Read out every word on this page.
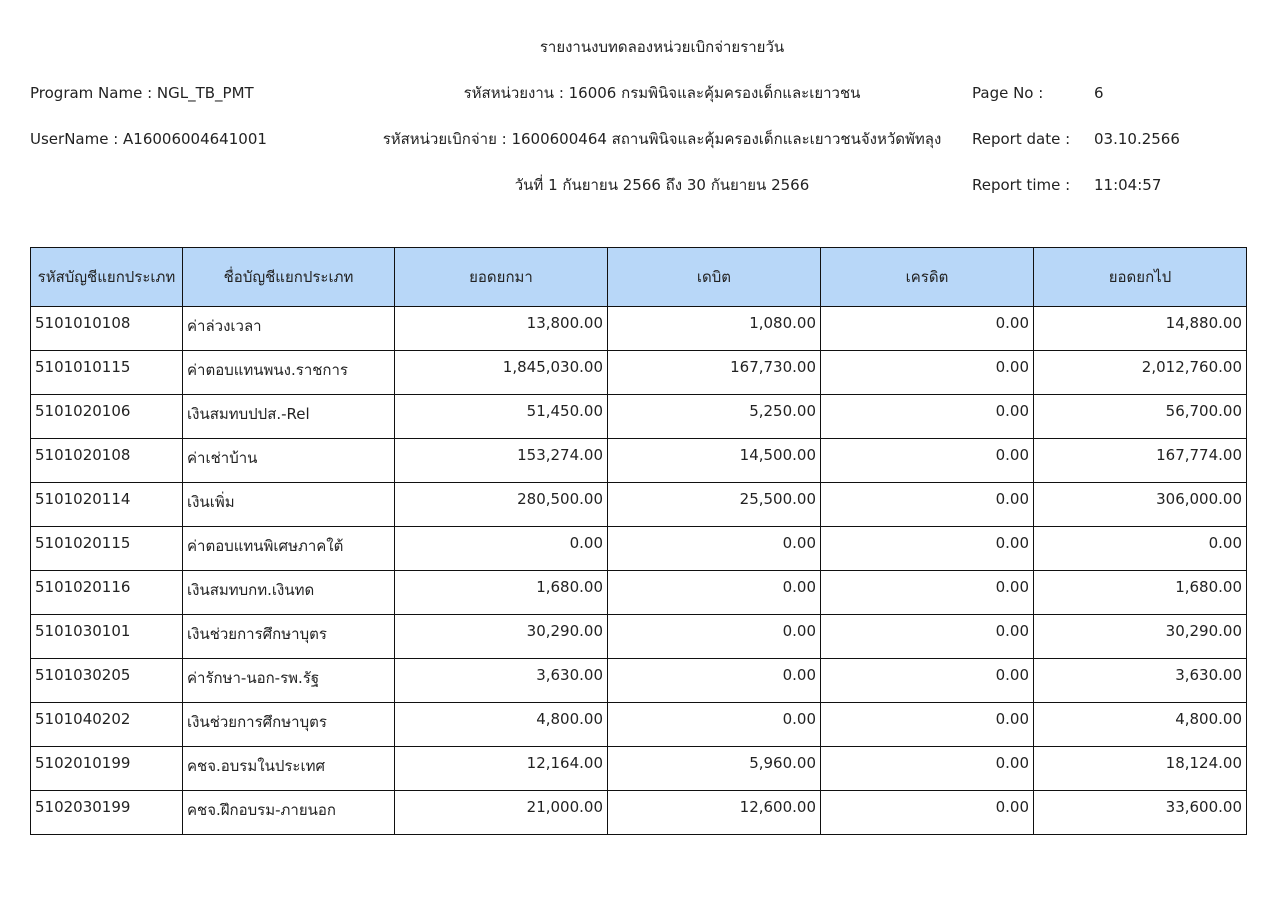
รายงานงบทดลองหน่วยเบิกจ่ายรายวัน
Program Name : NGL_TB_PMT	รหัสหน่วยงาน : 16006 กรมพินิจและคุ้มครองเด็กและเยาวชน	Page No :	6
UserName : A16006004641001	รหัสหน่วยเบิกจ่าย : 1600600464 สถานพินิจและคุ้มครองเด็กและเยาวชนจังหวัดพัทลุง Report date : 03.10.2566
วันที่ 1 กันยายน 2566 ถึง 30 กันยายน 2566	Report time : 11:04:57
รหัสบัญชีแยกประเภท	ชื่อบัญชีแยกประเภท	ยอดยกมา	เดบิต	เครดิต	ยอดยกไป
5101010108	ค่าล่วงเวลา	13,800.00	1,080.00	0.00	14,880.00
5101010115	ค่าตอบแทนพนง.ราชการ	1,845,030.00	167,730.00	0.00	2,012,760.00
5101020106	เงินสมทบปปส.-Rel	51,450.00	5,250.00	0.00	56,700.00
5101020108	ค่าเช่าบ้าน	153,274.00	14,500.00	0.00	167,774.00
5101020114	เงินเพิ่ม	280,500.00	25,500.00	0.00	306,000.00
5101020115	ค่าตอบแทนพิเศษภาคใต้	0.00	0.00	0.00	0.00
5101020116	เงินสมทบกท.เงินทด	1,680.00	0.00	0.00	1,680.00
5101030101	เงินช่วยการศึกษาบุตร	30,290.00	0.00	0.00	30,290.00
5101030205	ค่ารักษา-นอก-รพ.รัฐ	3,630.00	0.00	0.00	3,630.00
5101040202	เงินช่วยการศึกษาบุตร	4,800.00	0.00	0.00	4,800.00
5102010199	คชจ.อบรมในประเทศ	12,164.00	5,960.00	0.00	18,124.00
5102030199	คชจ.ฝึกอบรม-ภายนอก	21,000.00	12,600.00	0.00	33,600.00
